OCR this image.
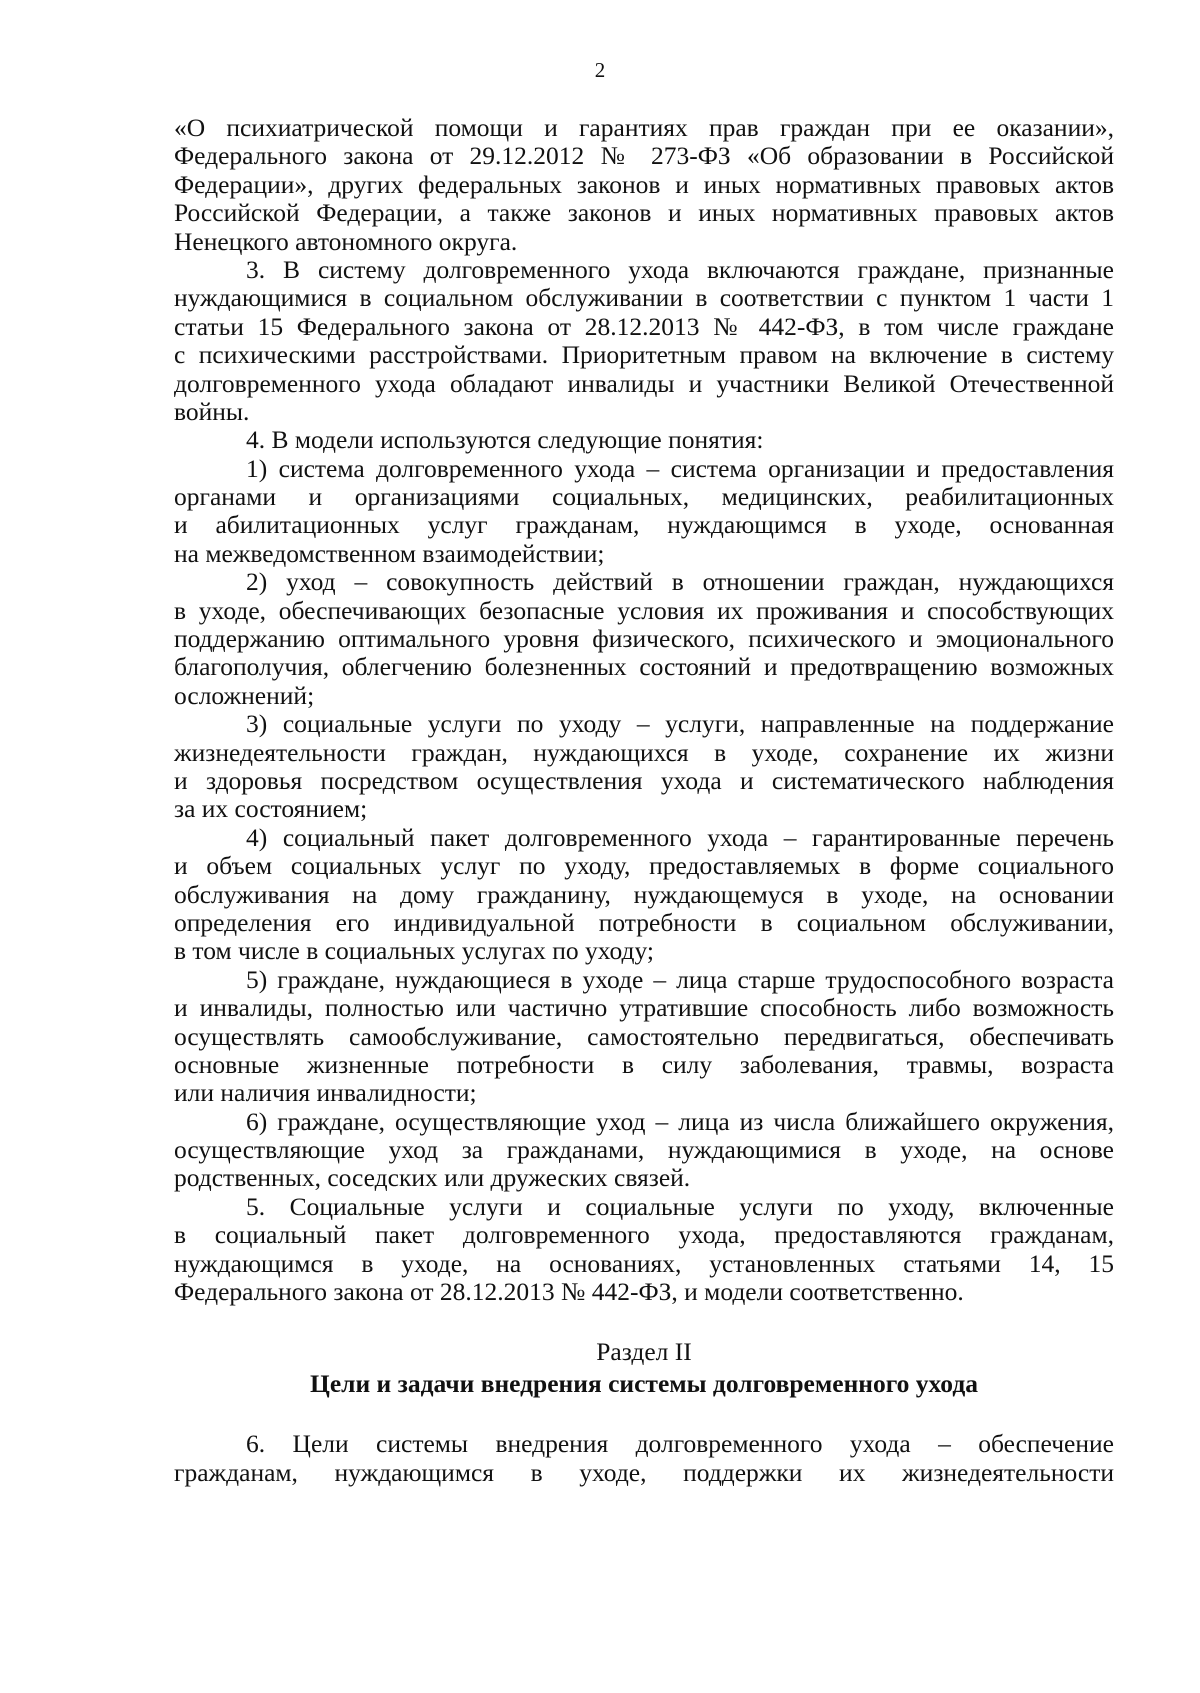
2
«О психиатрической помощи и гарантиях прав граждан при ее оказании»,
Федерального закона от 29.12.2012 № 273-ФЗ «Об образовании в Российской
Федерации», других федеральных законов и иных нормативных правовых актов
Российской Федерации, а также законов и иных нормативных правовых актов
Ненецкого автономного округа.
3. В систему долговременного ухода включаются граждане, признанные
нуждающимися в социальном обслуживании в соответствии с пунктом 1 части 1
статьи 15 Федерального закона от 28.12.2013 № 442-ФЗ, в том числе граждане
с психическими расстройствами. Приоритетным правом на включение в систему
долговременного ухода обладают инвалиды и участники Великой Отечественной
войны.
4. В модели используются следующие понятия:
1) система долговременного ухода – система организации и предоставления
органами и организациями социальных, медицинских, реабилитационных
и абилитационных услуг гражданам, нуждающимся в уходе, основанная
на межведомственном взаимодействии;
2) уход – совокупность действий в отношении граждан, нуждающихся
в уходе, обеспечивающих безопасные условия их проживания и способствующих
поддержанию оптимального уровня физического, психического и эмоционального
благополучия, облегчению болезненных состояний и предотвращению возможных
осложнений;
3) социальные услуги по уходу – услуги, направленные на поддержание
жизнедеятельности граждан, нуждающихся в уходе, сохранение их жизни
и здоровья посредством осуществления ухода и систематического наблюдения
за их состоянием;
4) социальный пакет долговременного ухода – гарантированные перечень
и объем социальных услуг по уходу, предоставляемых в форме социального
обслуживания на дому гражданину, нуждающемуся в уходе, на основании
определения его индивидуальной потребности в социальном обслуживании,
в том числе в социальных услугах по уходу;
5) граждане, нуждающиеся в уходе – лица старше трудоспособного возраста
и инвалиды, полностью или частично утратившие способность либо возможность
осуществлять самообслуживание, самостоятельно передвигаться, обеспечивать
основные жизненные потребности в силу заболевания, травмы, возраста
или наличия инвалидности;
6) граждане, осуществляющие уход – лица из числа ближайшего окружения,
осуществляющие уход за гражданами, нуждающимися в уходе, на основе
родственных, соседских или дружеских связей.
5. Социальные услуги и социальные услуги по уходу, включенные
в социальный пакет долговременного ухода, предоставляются гражданам,
нуждающимся в уходе, на основаниях, установленных статьями 14, 15
Федерального закона от 28.12.2013 № 442-ФЗ, и модели соответственно.
Раздел II
Цели и задачи внедрения системы долговременного ухода
6. Цели системы внедрения долговременного ухода – обеспечение
гражданам, нуждающимся в уходе, поддержки их жизнедеятельности
